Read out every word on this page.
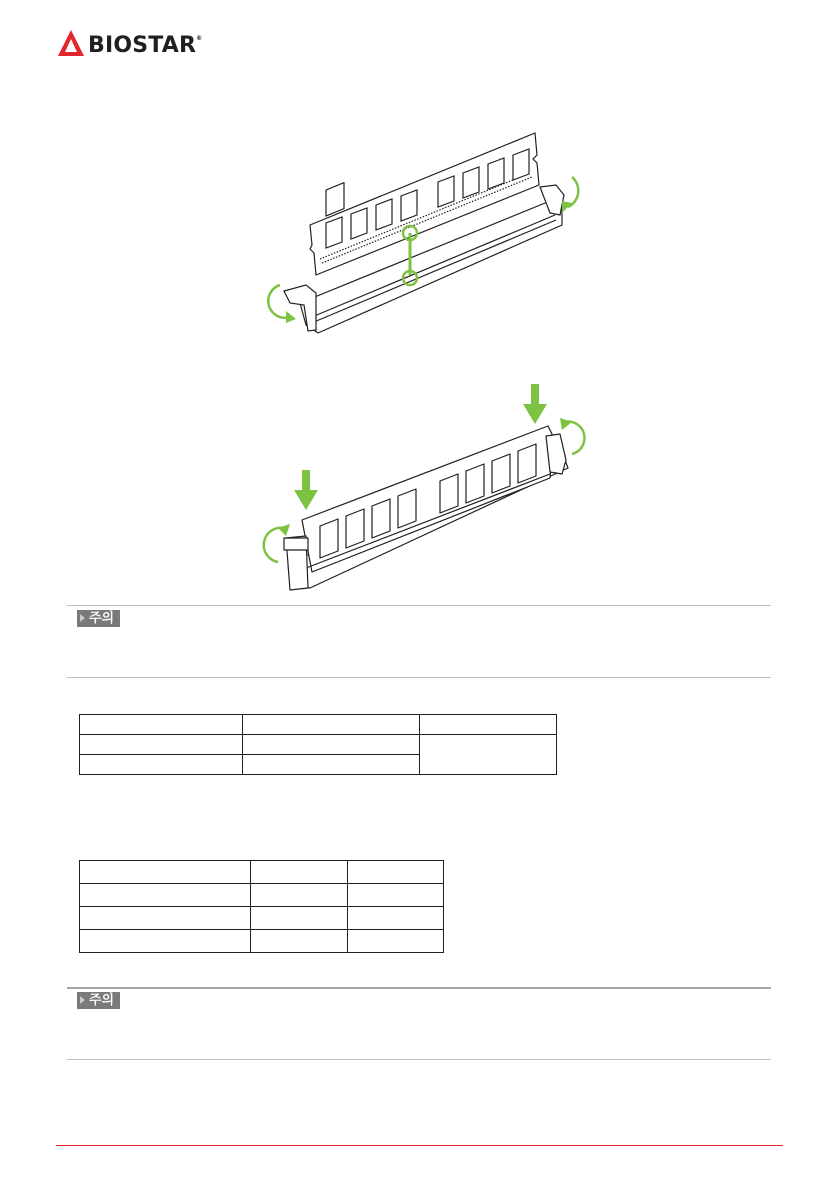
BIOSTAR®
주의

주의
